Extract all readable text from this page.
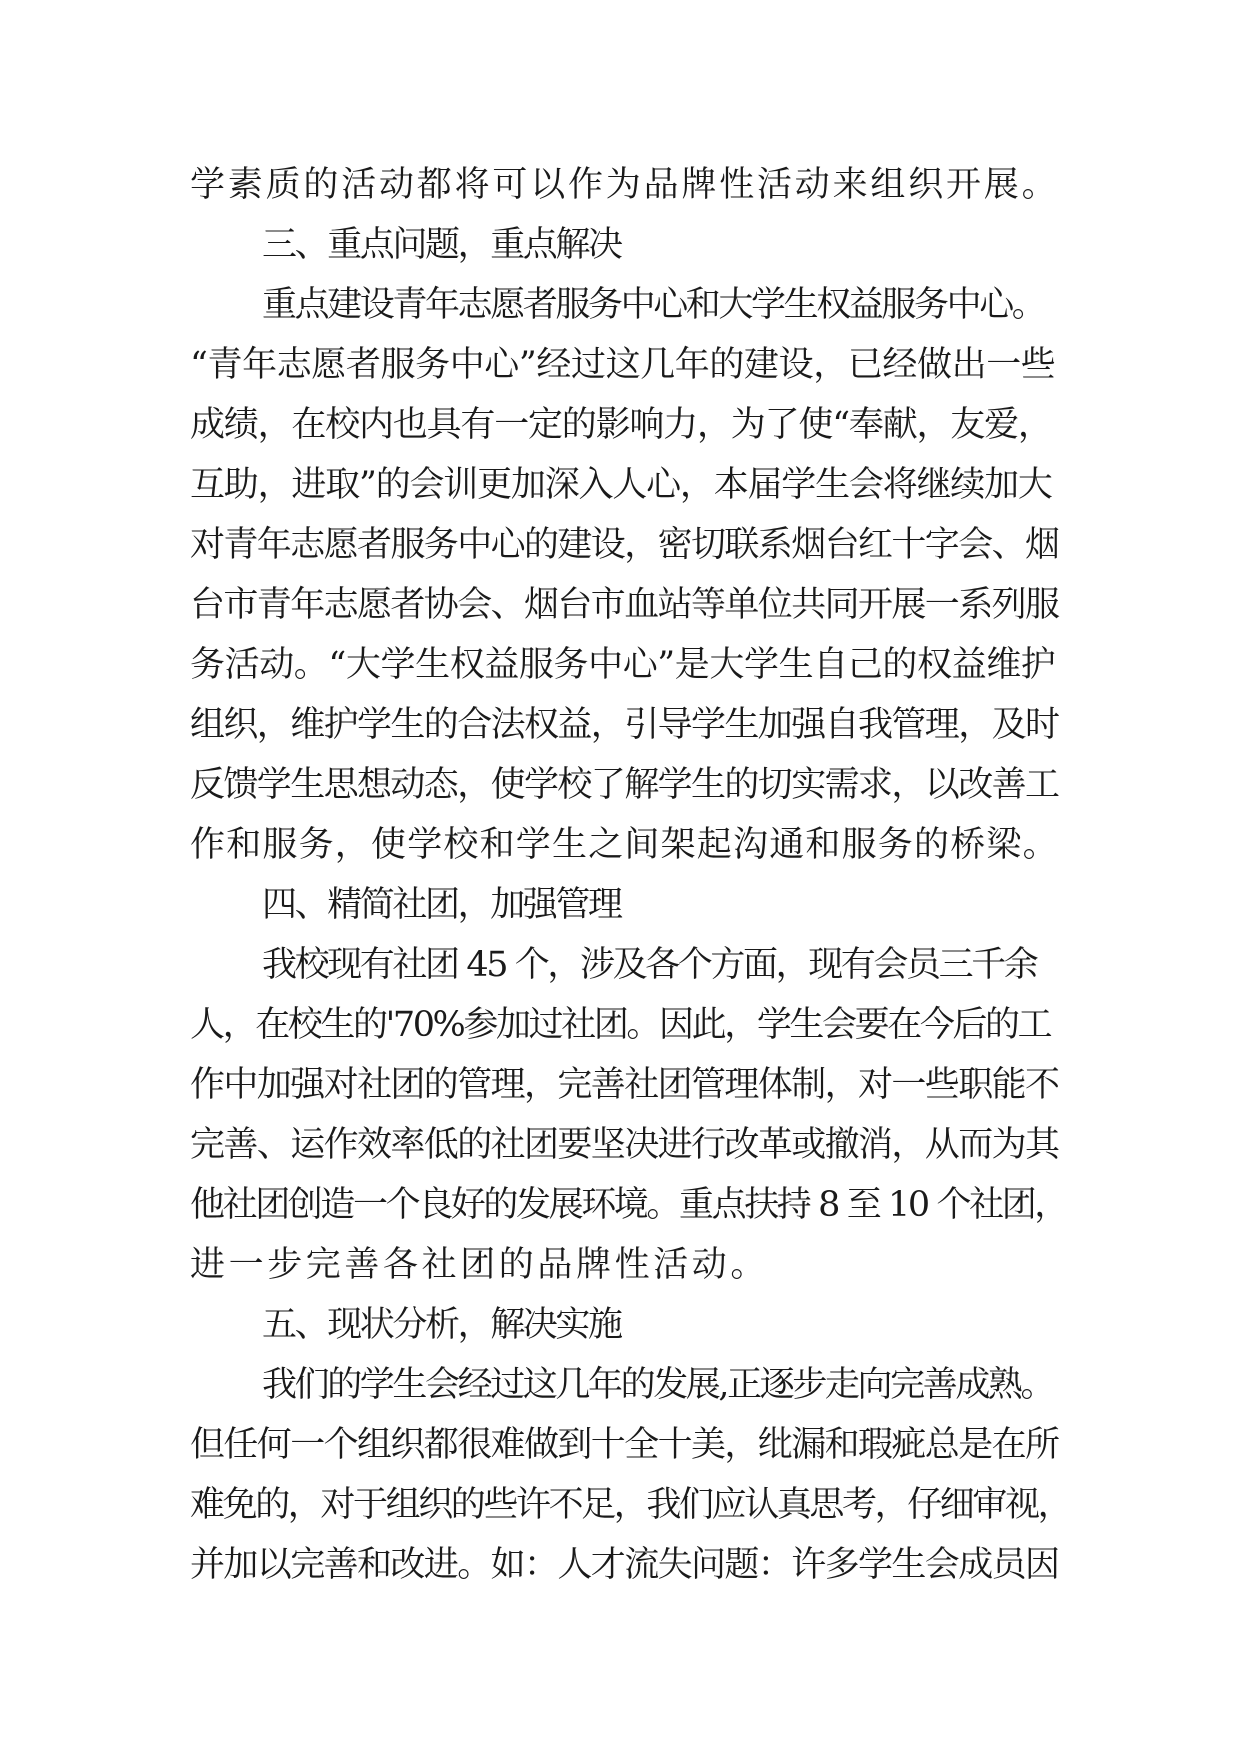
学素质的活动都将可以作为品牌性活动来组织开展。
三、重点问题，重点解决
重点建设青年志愿者服务中心和大学生权益服务中心。
“青年志愿者服务中心”经过这几年的建设，已经做出一些
成绩，在校内也具有一定的影响力，为了使“奉献，友爱，
互助，进取”的会训更加深入人心，本届学生会将继续加大
对青年志愿者服务中心的建设，密切联系烟台红十字会、烟
台市青年志愿者协会、烟台市血站等单位共同开展一系列服
务活动。“大学生权益服务中心”是大学生自己的权益维护
组织，维护学生的合法权益，引导学生加强自我管理，及时
反馈学生思想动态，使学校了解学生的切实需求，以改善工
作和服务，使学校和学生之间架起沟通和服务的桥梁。
四、精简社团，加强管理
我校现有社团 45 个，涉及各个方面，现有会员三千余
人，在校生的'70%参加过社团。因此，学生会要在今后的工
作中加强对社团的管理，完善社团管理体制，对一些职能不
完善、运作效率低的社团要坚决进行改革或撤消，从而为其
他社团创造一个良好的发展环境。重点扶持 8 至 10 个社团，
进一步完善各社团的品牌性活动。
五、现状分析，解决实施
我们的学生会经过这几年的发展,正逐步走向完善成熟。
但任何一个组织都很难做到十全十美，纰漏和瑕疵总是在所
难免的，对于组织的些许不足，我们应认真思考，仔细审视，
并加以完善和改进。如：人才流失问题：许多学生会成员因
